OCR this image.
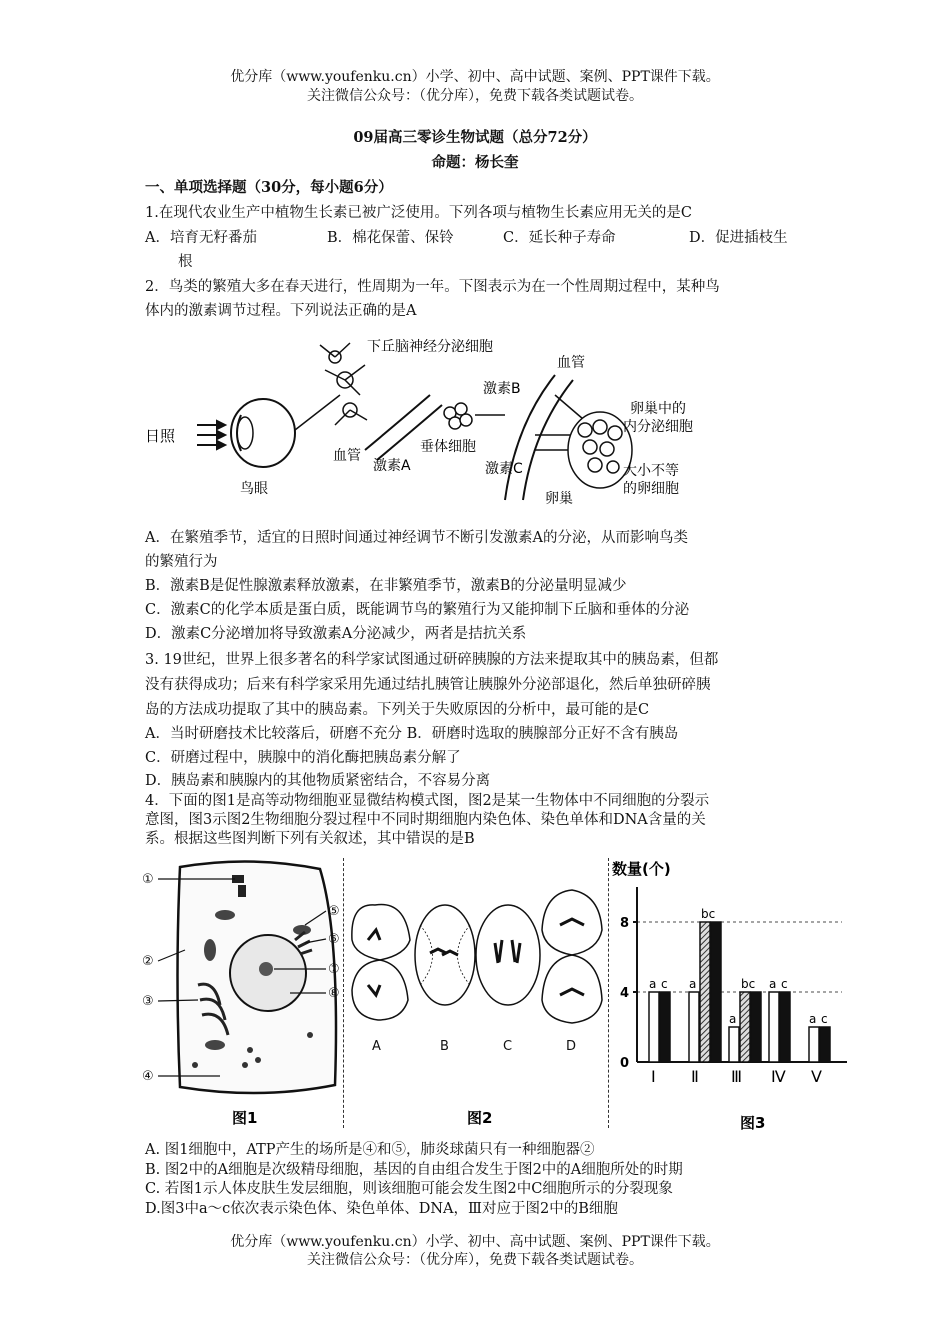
优分库（www.youfenku.cn）小学、初中、高中试题、案例、PPT课件下载。
关注微信公众号：（优分库），免费下载各类试题试卷。
09届高三零诊生物试题（总分72分）
命题：杨长奎
一、单项选择题（30分，每小题6分）
1.在现代农业生产中植物生长素已被广泛使用。下列各项与植物生长素应用无关的是C
A．培育无籽番茄	B．棉花保蕾、保铃	C．延长种子寿命	D．促进插枝生
根
2．鸟类的繁殖大多在春天进行，性周期为一年。下图表示为在一个性周期过程中，某种鸟
体内的激素调节过程。下列说法正确的是A
日照
鸟眼
下丘脑神经分泌细胞
血管
激素A
垂体细胞
激素B
血管
激素C
卵巢
卵巢中的
内分泌细胞
大小不等
的卵细胞
A．在繁殖季节，适宜的日照时间通过神经调节不断引发激素A的分泌，从而影响鸟类
的繁殖行为
B．激素B是促性腺激素释放激素，在非繁殖季节，激素B的分泌量明显减少
C．激素C的化学本质是蛋白质，既能调节鸟的繁殖行为又能抑制下丘脑和垂体的分泌
D．激素C分泌增加将导致激素A分泌减少，两者是拮抗关系
3. 19世纪，世界上很多著名的科学家试图通过研碎胰腺的方法来提取其中的胰岛素，但都
没有获得成功；后来有科学家采用先通过结扎胰管让胰腺外分泌部退化，然后单独研碎胰
岛的方法成功提取了其中的胰岛素。下列关于失败原因的分析中，最可能的是C
A．当时研磨技术比较落后，研磨不充分 B．研磨时选取的胰腺部分正好不含有胰岛
C．研磨过程中，胰腺中的消化酶把胰岛素分解了
D．胰岛素和胰腺内的其他物质紧密结合，不容易分离
4．下面的图1是高等动物细胞亚显微结构模式图，图2是某一生物体中不同细胞的分裂示
意图，图3示图2生物细胞分裂过程中不同时期细胞内染色体、染色单体和DNA含量的关
系。根据这些图判断下列有关叙述，其中错误的是B
①
②
③
④
⑤
⑥
⑦
⑧
图1
A	B	C	D
图2
数量(个)
0
4
8
a c a
bc
a
bc a c
a c
Ⅰ Ⅱ Ⅲ Ⅳ Ⅴ
图3
A. 图1细胞中，ATP产生的场所是④和⑤，肺炎球菌只有一种细胞器②
B. 图2中的A细胞是次级精母细胞，基因的自由组合发生于图2中的A细胞所处的时期
C. 若图1示人体皮肤生发层细胞，则该细胞可能会发生图2中C细胞所示的分裂现象
D.图3中a～c依次表示染色体、染色单体、DNA，Ⅲ对应于图2中的B细胞
优分库（www.youfenku.cn）小学、初中、高中试题、案例、PPT课件下载。
关注微信公众号：（优分库），免费下载各类试题试卷。
